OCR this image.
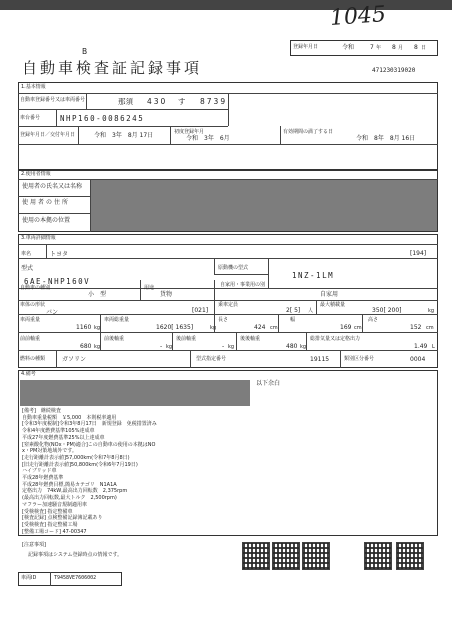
1045
B	登録年月日	令和	7 年 8 月 8 日
自動車検査証記録事項	471230319020
1.基本情報
自動車登録番号又は車両番号	那須 430 す 8739
車台番号	NHP160-0086245
登録年月日／交付年月日	令和　3年　8月 17日	初度登録年月
令和　3年　6月
有効期間の満了する日
令和　8年　8月 16日
2.使用者情報
使用者の氏名又は名称
使用者の住所
使用の本拠の位置
3.車両詳細情報
車名	トヨタ	[194]
型式
6AE-NHP160V
原動機の型式
1NZ-1LM
自動車の種別
小　型
用途
貨物
自家用・事業用の別
自家用
車体の形状
バン	[021]
乗車定員
2[ 5] 人
最大積載量
350[ 200]	kg
車両重量
1160 kg
車両総重量
1620[ 1635]	kg
長さ
424 cm
幅
169 cm
高さ
152 cm
前前軸重
680 kg
前後軸重
- kg
後前軸重
- kg
後後軸重
480 kg
総排気量又は定格出力
1.49 L
燃料の種類	ガソリン	型式指定番号	19115	類別区分番号	0004
4.備考
以下余白
[備考]　継続検査
自動車重量税額　￥5,000　本則税率適用
[令和3年度税制]令和3年8月17日　新規登録　免税措置済み
令和4年度燃費基準105%達成車
平成27年度燃費基準25%以上達成車
[窒素酸化物(NOx・PM)適合]この自動車の使用の本拠はNO
x・PM対策地域外です。
[走行距離計表示値]57,000km(令和7年8月8日)
[旧走行距離計表示値]50,800km(令和6年7月19日)
ハイブリッド車
平成28年燃費基準
平成28年燃費目標,簡易カテゴリ　N1A1A
定格出力　74kW,最高出力回転数　2,375rpm
(最高出力回転数,最大トルク　2,500rpm)
マフラー加速騒音規制適用車
[受検検査] 指定整備車
[検査記録] 点検整備記録簿記載あり
[受検検査] 指定整備工場
[整備工場コード] 47-00347
[注意事項]
記録事項はシステム登録時点の情報です。
車両ID	T9458VE7606002
